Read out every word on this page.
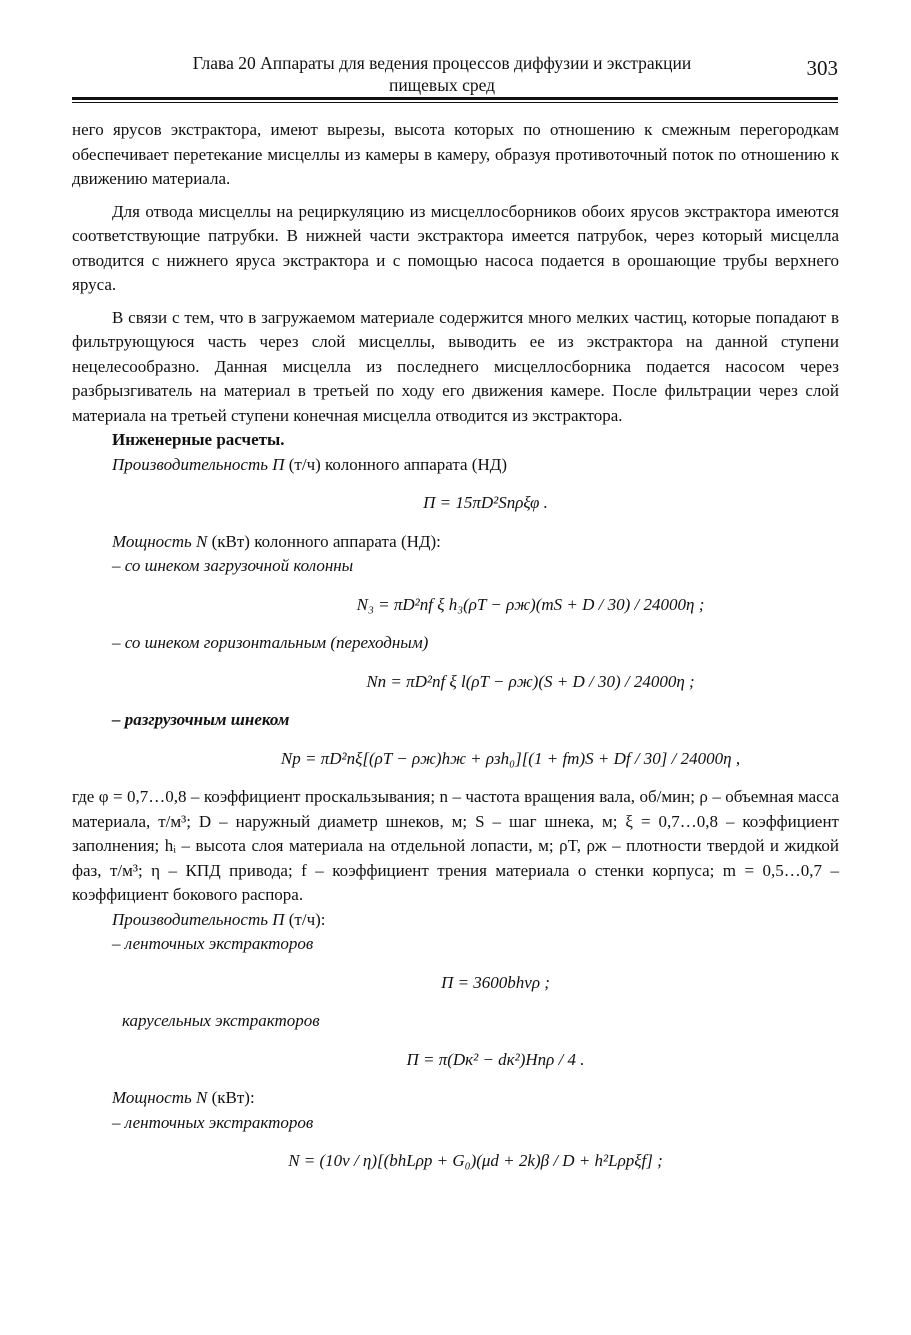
Глава 20 Аппараты для ведения процессов диффузии и экстракции
пищевых сред
303

него ярусов экстрактора, имеют вырезы, высота которых по отношению к смежным перегородкам обеспечивает перетекание мисцеллы из камеры в камеру, образуя противоточный поток по отношению к движению материала.

Для отвода мисцеллы на рециркуляцию из мисцеллосборников обоих ярусов экстрактора имеются соответствующие патрубки. В нижней части экстрактора имеется патрубок, через который мисцелла отводится с нижнего яруса экстрактора и с помощью насоса подается в орошающие трубы верхнего яруса.

В связи с тем, что в загружаемом материале содержится много мелких частиц, которые попадают в фильтрующуюся часть через слой мисцеллы, выводить ее из экстрактора на данной ступени нецелесообразно. Данная мисцелла из последнего мисцеллосборника подается насосом через разбрызгиватель на материал в третьей по ходу его движения камере. После фильтрации через слой материала на третьей ступени конечная мисцелла отводится из экстрактора.

Инженерные расчеты.

Производительность П (т/ч) колонного аппарата (НД)

П = 15πD²Snρξφ .

Мощность N (кВт) колонного аппарата (НД):

– со шнеком загрузочной колонны

N₃ = πD²nf ξ h₃(ρT − ρж)(mS + D / 30) / 24000η ;

– со шнеком горизонтальным (переходным)

Nп = πD²nf ξ l(ρT − ρж)(S + D / 30) / 24000η ;

– разгрузочным шнеком

Nр = πD²nξ[(ρT − ρж)hж + ρзh₀][(1 + fm)S + Df / 30] / 24000η ,

где φ = 0,7…0,8 – коэффициент проскальзывания; n – частота вращения вала, об/мин; ρ – объемная масса материала, т/м³; D – наружный диаметр шнеков, м; S – шаг шнека, м; ξ = 0,7…0,8 – коэффициент заполнения; hᵢ – высота слоя материала на отдельной лопасти, м; ρT, ρж – плотности твердой и жидкой фаз, т/м³; η – КПД привода; f – коэффициент трения материала о стенки корпуса; m = 0,5…0,7 – коэффициент бокового распора.

Производительность П (т/ч):

– ленточных экстракторов

П = 3600bhvρ ;

карусельных экстракторов

П = π(Dк² − dк²)Hnρ / 4 .

Мощность N (кВт):

– ленточных экстракторов

N = (10v / η)[(bhLρр + G₀)(μd + 2k)β / D + h²Lρрξf] ;
